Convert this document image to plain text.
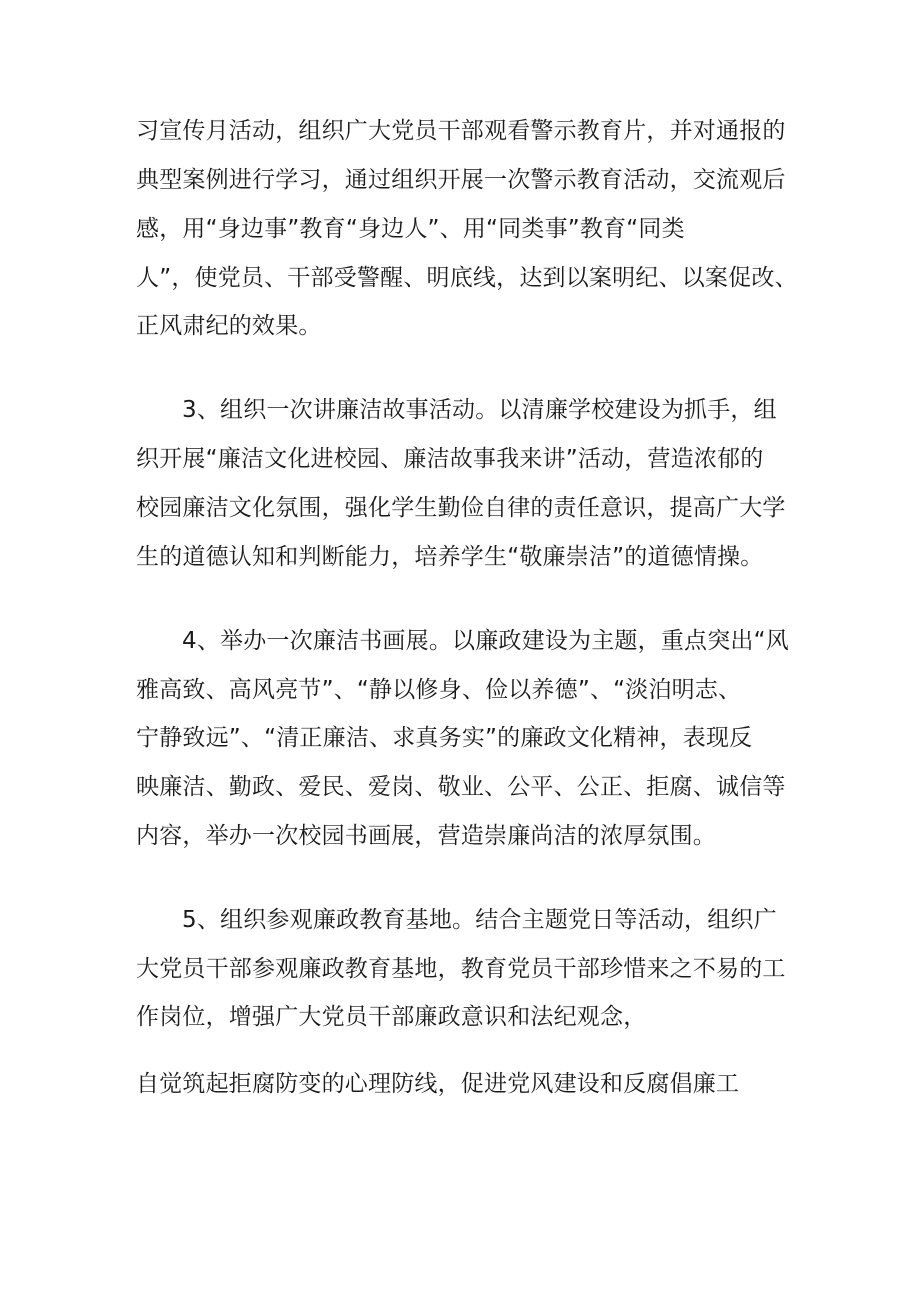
习宣传月活动，组织广大党员干部观看警示教育片，并对通报的
典型案例进行学习，通过组织开展一次警示教育活动，交流观后
感，用“身边事”教育“身边人”、用“同类事”教育“同类
人”，使党员、干部受警醒、明底线，达到以案明纪、以案促改、
正风肃纪的效果。
3、组织一次讲廉洁故事活动。以清廉学校建设为抓手，组
织开展“廉洁文化进校园、廉洁故事我来讲”活动，营造浓郁的
校园廉洁文化氛围，强化学生勤俭自律的责任意识，提高广大学
生的道德认知和判断能力，培养学生“敬廉崇洁”的道德情操。
4、举办一次廉洁书画展。以廉政建设为主题，重点突出“风
雅高致、高风亮节”、“静以修身、俭以养德”、“淡泊明志、
宁静致远”、“清正廉洁、求真务实”的廉政文化精神，表现反
映廉洁、勤政、爱民、爱岗、敬业、公平、公正、拒腐、诚信等
内容，举办一次校园书画展，营造崇廉尚洁的浓厚氛围。
5、组织参观廉政教育基地。结合主题党日等活动，组织广
大党员干部参观廉政教育基地，教育党员干部珍惜来之不易的工
作岗位，增强广大党员干部廉政意识和法纪观念，
自觉筑起拒腐防变的心理防线，促进党风建设和反腐倡廉工
